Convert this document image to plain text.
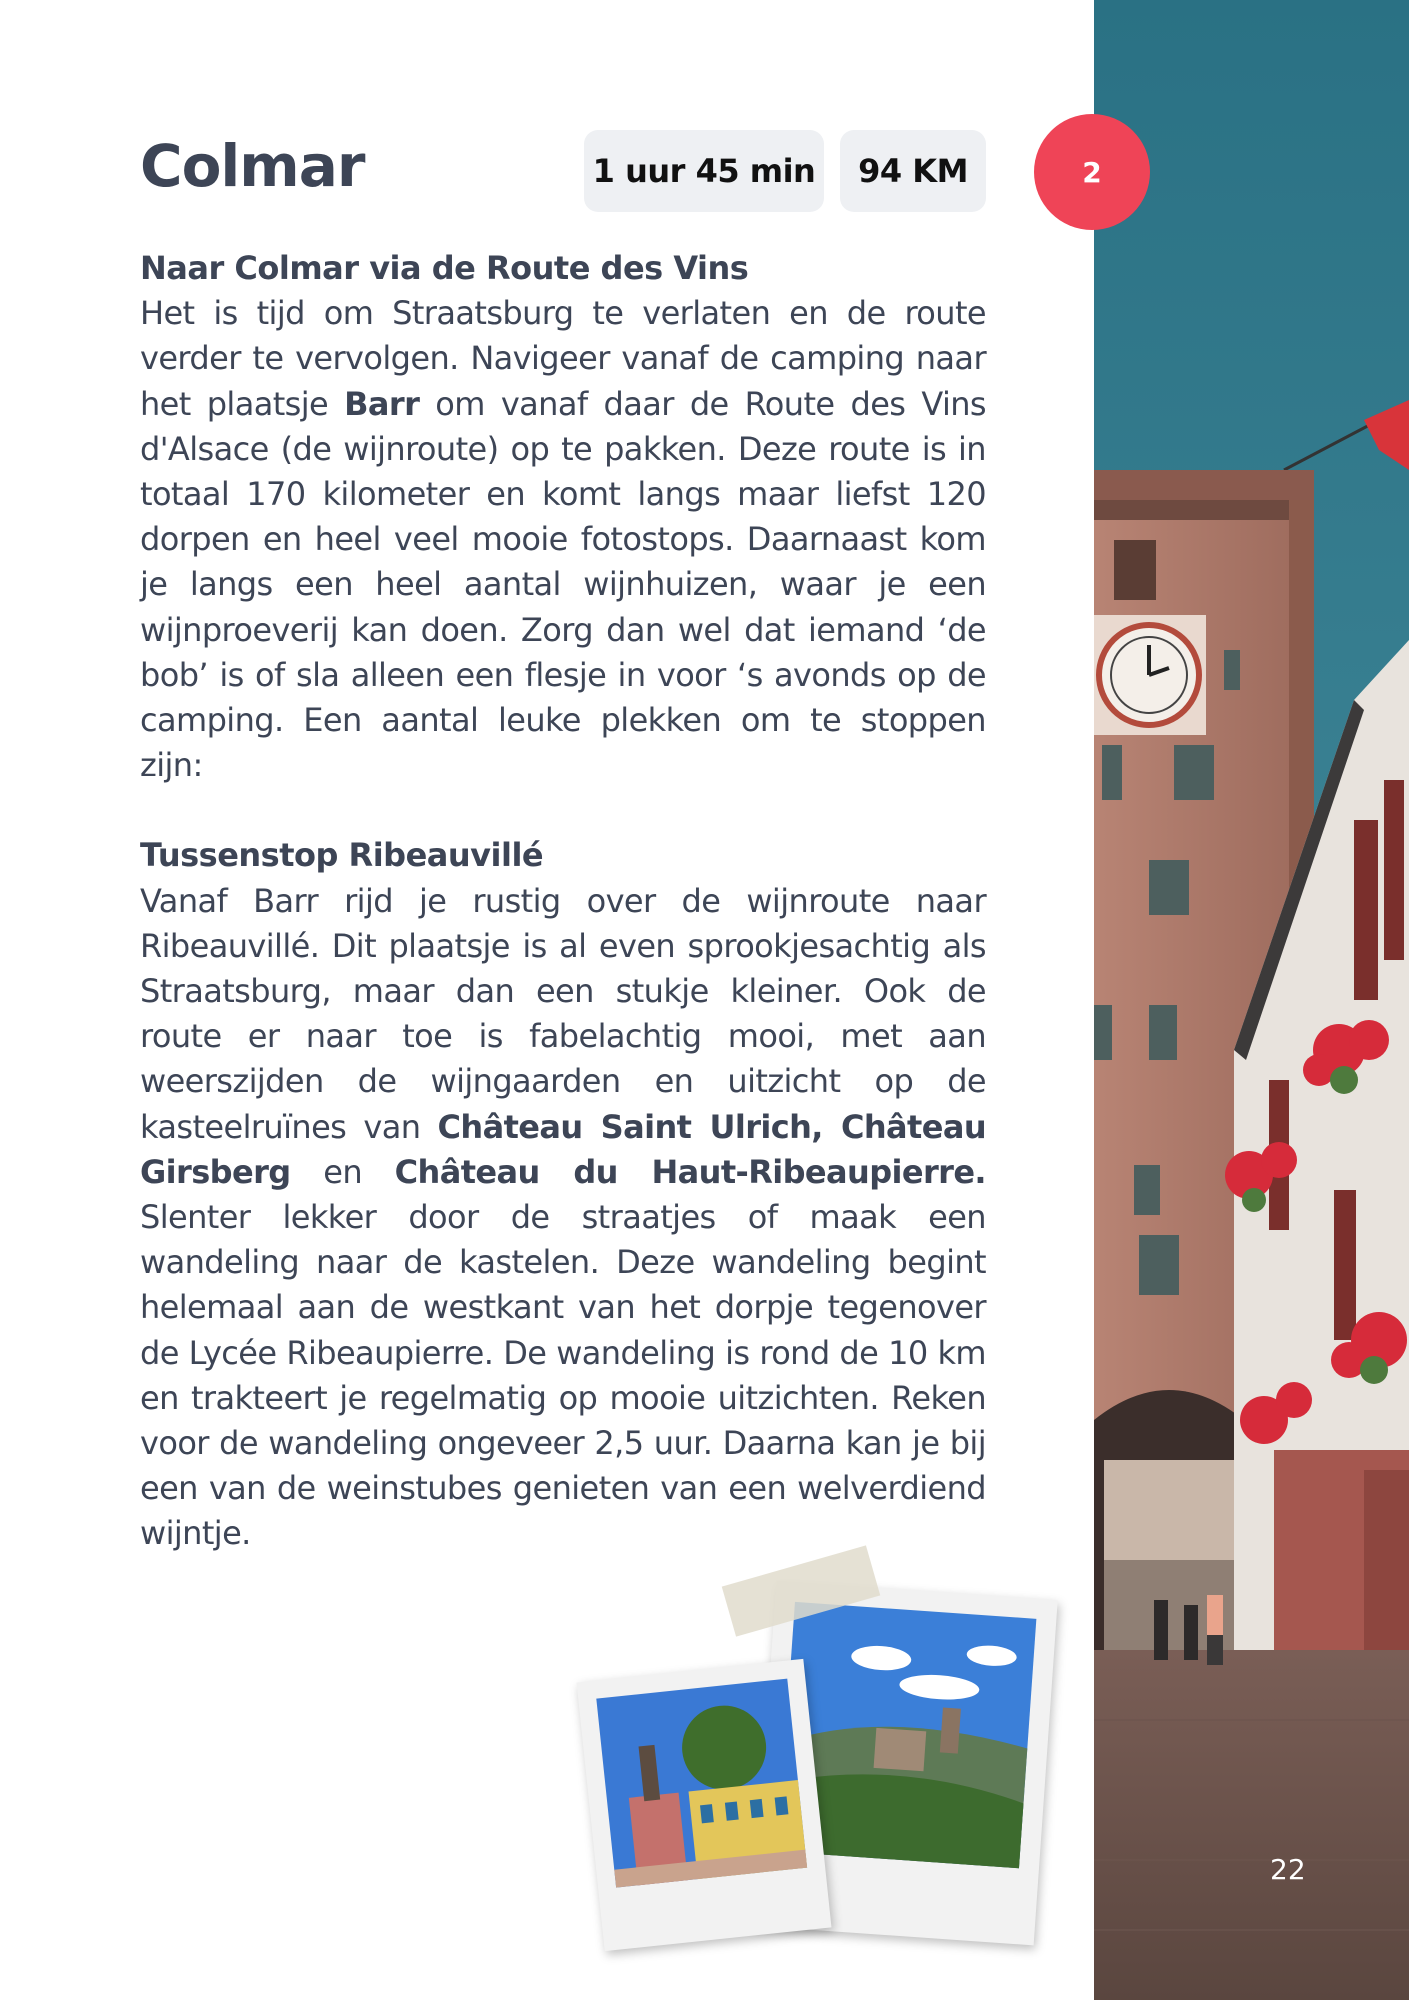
Colmar	1 uur 45 min	94 KM	2
Naar Colmar via de Route des Vins

Het is tijd om Straatsburg te verlaten en de route verder te vervolgen. Navigeer vanaf de camping naar het plaatsje Barr om vanaf daar de Route des Vins d'Alsace (de wijnroute) op te pakken. Deze route is in totaal 170 kilometer en komt langs maar liefst 120 dorpen en heel veel mooie fotostops. Daarnaast kom je langs een heel aantal wijnhuizen, waar je een wijnproeverij kan doen. Zorg dan wel dat iemand ‘de bob’ is of sla alleen een flesje in voor ‘s avonds op de camping. Een aantal leuke plekken om te stoppen zijn:

Tussenstop Ribeauvillé

Vanaf Barr rijd je rustig over de wijnroute naar Ribeauvillé. Dit plaatsje is al even sprookjesachtig als Straatsburg, maar dan een stukje kleiner. Ook de route er naar toe is fabelachtig mooi, met aan weerszijden de wijngaarden en uitzicht op de kasteelruïnes van Château Saint Ulrich, Château Girsberg en Château du Haut-Ribeaupierre. Slenter lekker door de straatjes of maak een wandeling naar de kastelen. Deze wandeling begint helemaal aan de westkant van het dorpje tegenover de Lycée Ribeaupierre. De wandeling is rond de 10 km en trakteert je regelmatig op mooie uitzichten. Reken voor de wandeling ongeveer 2,5 uur. Daarna kan je bij een van de weinstubes genieten van een welverdiend wijntje.

22
